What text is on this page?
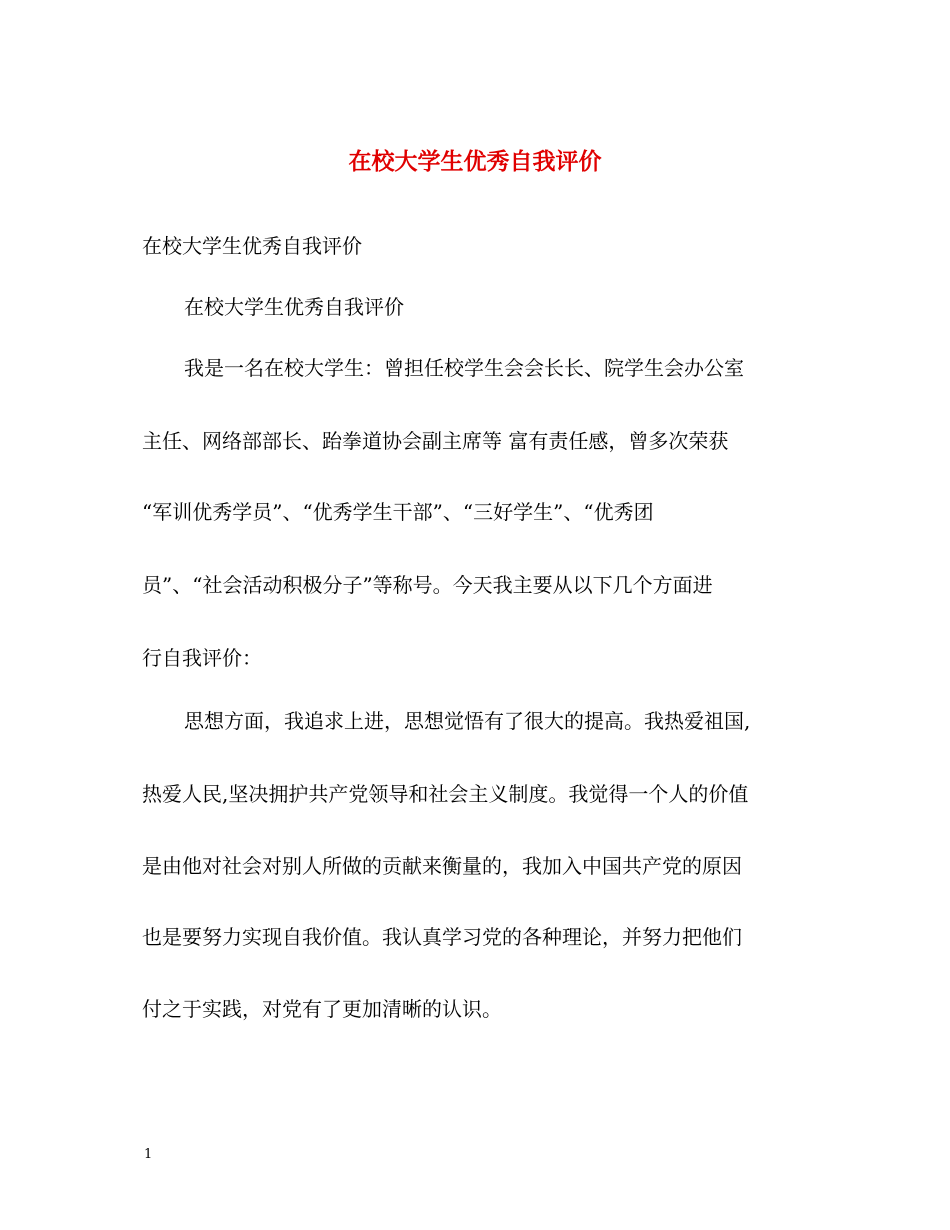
在校大学生优秀自我评价

在校大学生优秀自我评价

在校大学生优秀自我评价

我是一名在校大学生：曾担任校学生会会长长、院学生会办公室

主任、网络部部长、跆拳道协会副主席等 富有责任感，曾多次荣获

“军训优秀学员”、“优秀学生干部”、“三好学生”、“优秀团

员”、“社会活动积极分子”等称号。今天我主要从以下几个方面进

行自我评价：

思想方面，我追求上进，思想觉悟有了很大的提高。我热爱祖国,

热爱人民,坚决拥护共产党领导和社会主义制度。我觉得一个人的价值

是由他对社会对别人所做的贡献来衡量的，我加入中国共产党的原因

也是要努力实现自我价值。我认真学习党的各种理论，并努力把他们

付之于实践，对党有了更加清晰的认识。

1
